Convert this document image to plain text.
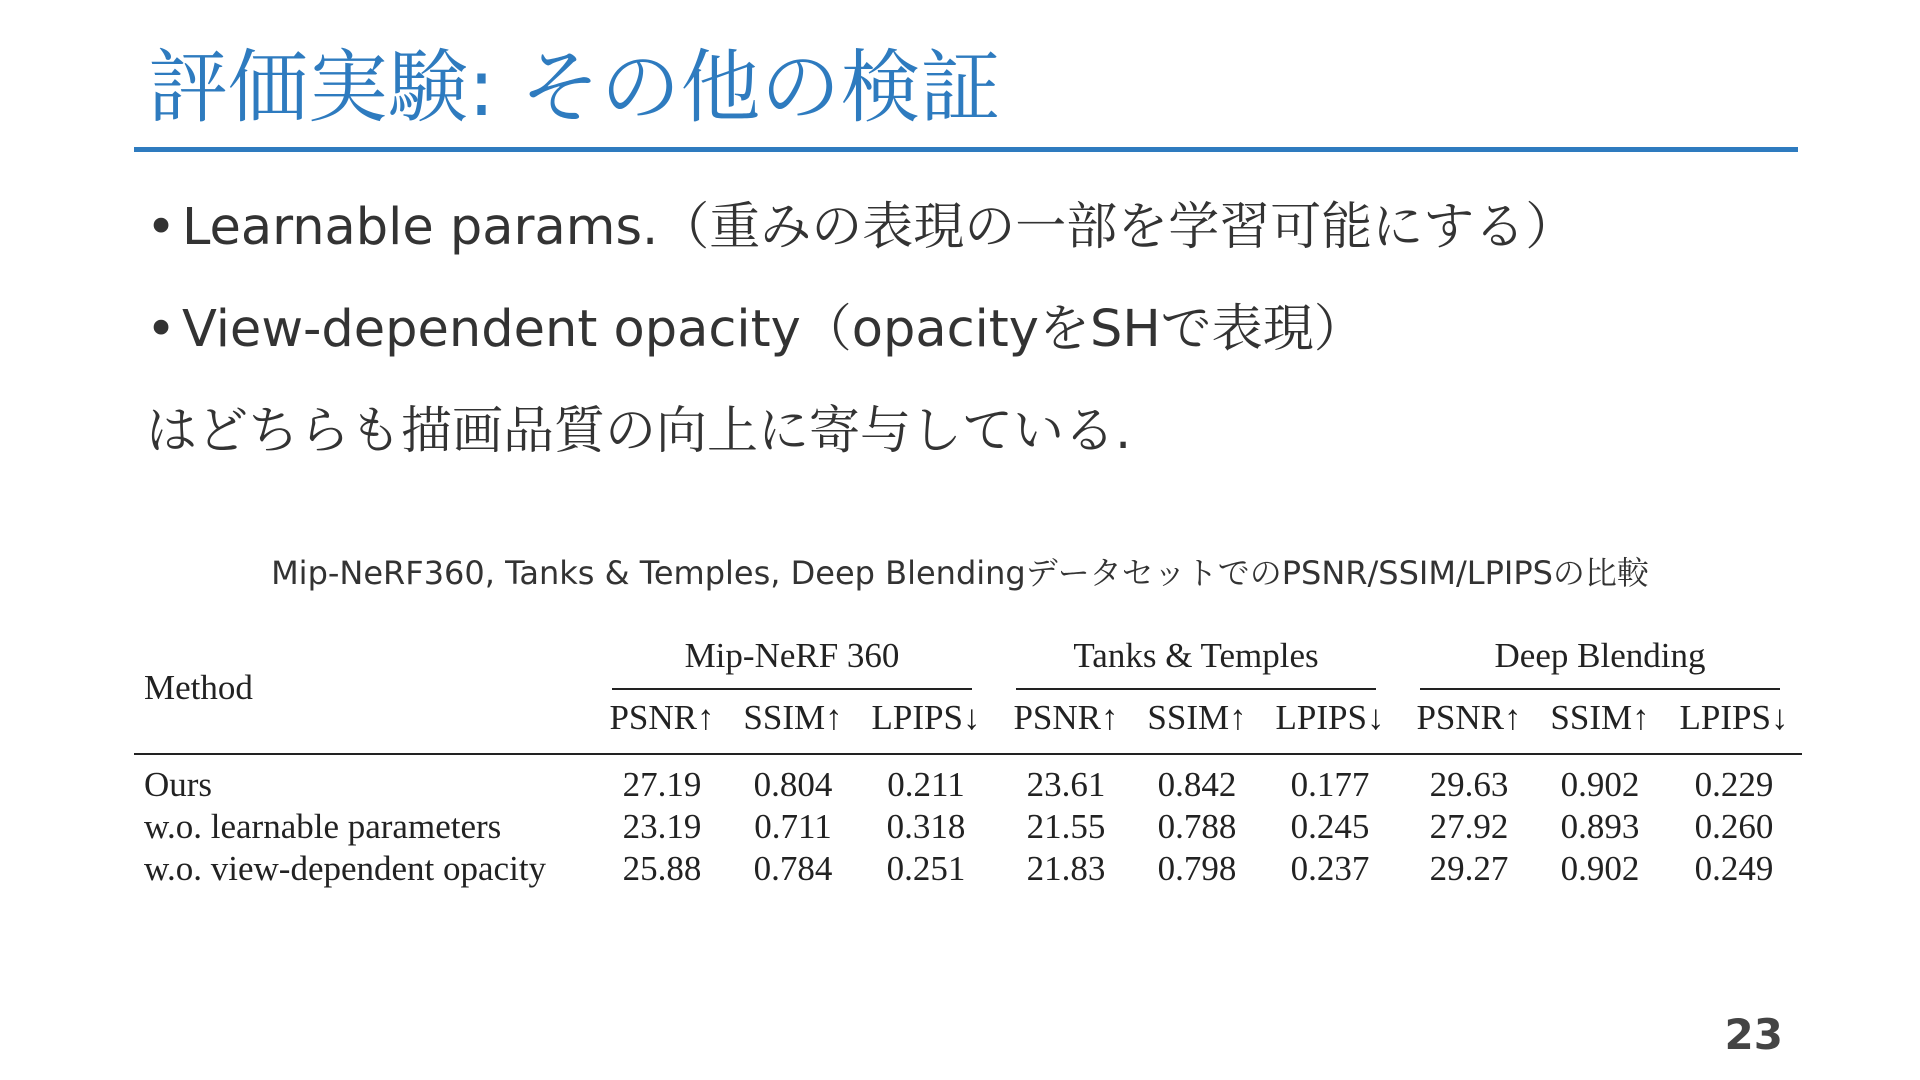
評価実験: その他の検証
• Learnable params.（重みの表現の一部を学習可能にする）
• View-dependent opacity（opacityをSHで表現）
はどちらも描画品質の向上に寄与している.
Mip-NeRF360, Tanks & Temples, Deep BlendingデータセットでのPSNR/SSIM/LPIPSの比較
Method
Mip-NeRF 360	Tanks & Temples	Deep Blending
PSNR↑ SSIM↑ LPIPS↓ PSNR↑ SSIM↑ LPIPS↓ PSNR↑ SSIM↑ LPIPS↓
Ours	27.19 0.804 0.211 23.61 0.842 0.177 29.63 0.902 0.229
w.o. learnable parameters	23.19 0.711 0.318 21.55 0.788 0.245 27.92 0.893 0.260
w.o. view-dependent opacity 25.88 0.784 0.251 21.83 0.798 0.237 29.27 0.902 0.249
23
